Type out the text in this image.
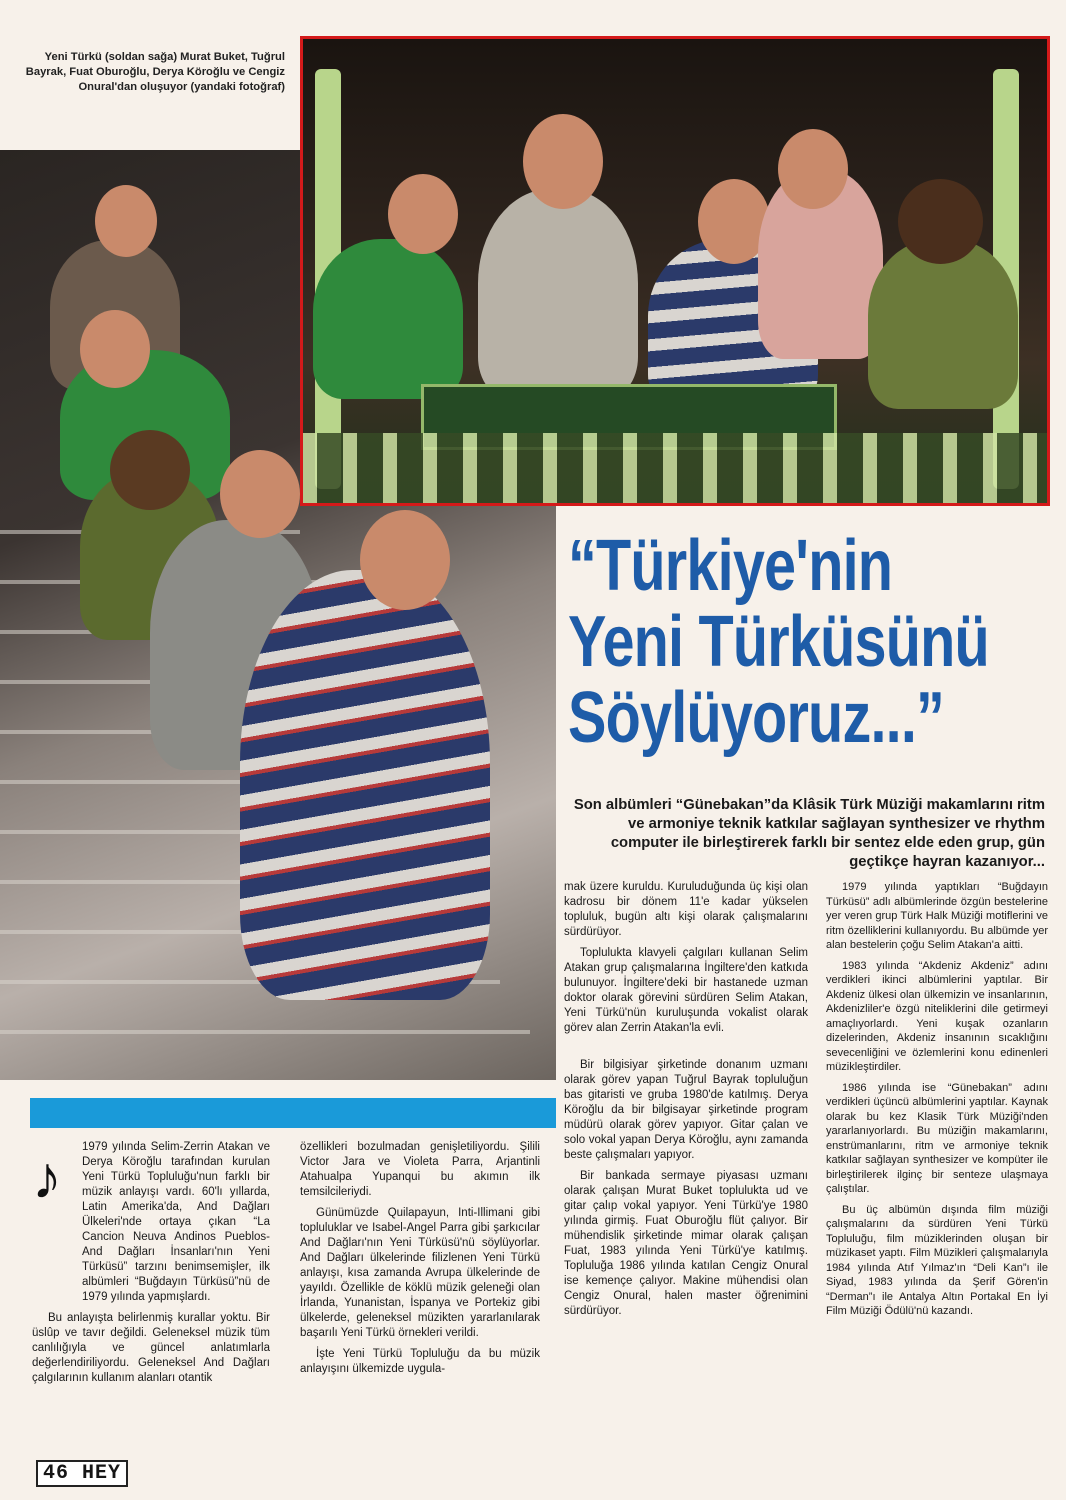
Yeni Türkü (soldan sağa) Murat Buket, Tuğrul Bayrak, Fuat Oburoğlu, Derya Köroğlu ve Cengiz Onural'dan oluşuyor (yandaki fotoğraf)
“Türkiye'nin
Yeni Türküsünü
Söylüyoruz...”
Son albümleri “Günebakan”da Klâsik Türk Müziği makamlarını ritm ve armoniye teknik katkılar sağlayan synthesizer ve rhythm computer ile birleştirerek farklı bir sentez elde eden grup, gün geçtikçe hayran kazanıyor...
♪	1979 yılında Selim-Zerrin Atakan ve Derya Köroğlu tarafından kurulan Yeni Türkü Topluluğu'nun farklı bir müzik anlayışı vardı. 60'lı yıllarda, Latin Amerika'da, And Dağları Ülkeleri'nde ortaya çıkan “La Cancion Neuva Andinos Pueblos-And Dağları İnsanları'nın Yeni Türküsü” tarzını benimsemişler, ilk albümleri “Buğdayın Türküsü”nü de 1979 yılında yapmışlardı.

Bu anlayışta belirlenmiş kurallar yoktu. Bir üslûp ve tavır değildi. Geleneksel müzik tüm canlılığıyla ve güncel anlatımlarla değerlendiriliyordu. Geleneksel And Dağları çalgılarının kullanım alanları otantik

özellikleri bozulmadan genişletiliyordu. Şilili Victor Jara ve Violeta Parra, Arjantinli Atahualpa Yupanqui bu akımın ilk temsilcileriydi.

Günümüzde Quilapayun, Inti-Illimani gibi topluluklar ve Isabel-Angel Parra gibi şarkıcılar And Dağları'nın Yeni Türküsü'nü söylüyorlar. And Dağları ülkelerinde filizlenen Yeni Türkü anlayışı, kısa zamanda Avrupa ülkelerinde de yayıldı. Özellikle de köklü müzik geleneği olan İrlanda, Yunanistan, İspanya ve Portekiz gibi ülkelerde, geleneksel müzikten yararlanılarak başarılı Yeni Türkü örnekleri verildi.

İşte Yeni Türkü Topluluğu da bu müzik anlayışını ülkemizde uygula-

mak üzere kuruldu. Kuruluduğunda üç kişi olan kadrosu bir dönem 11'e kadar yükselen topluluk, bugün altı kişi olarak çalışmalarını sürdürüyor.

Toplulukta klavyeli çalgıları kullanan Selim Atakan grup çalışmalarına İngiltere'den katkıda bulunuyor. İngiltere'deki bir hastanede uzman doktor olarak görevini sürdüren Selim Atakan, Yeni Türkü'nün kuruluşunda vokalist olarak görev alan Zerrin Atakan'la evli.

Bir bilgisiyar şirketinde donanım uzmanı olarak görev yapan Tuğrul Bayrak topluluğun bas gitaristi ve gruba 1980'de katılmış. Derya Köroğlu da bir bilgisayar şirketinde program müdürü olarak görev yapıyor. Gitar çalan ve solo vokal yapan Derya Köroğlu, aynı zamanda beste çalışmaları yapıyor.

Bir bankada sermaye piyasası uzmanı olarak çalışan Murat Buket toplulukta ud ve gitar çalıp vokal yapıyor. Yeni Türkü'ye 1980 yılında girmiş. Fuat Oburoğlu flüt çalıyor. Bir mühendislik şirketinde mimar olarak çalışan Fuat, 1983 yılında Yeni Türkü'ye katılmış. Topluluğa 1986 yılında katılan Cengiz Onural ise kemençe çalıyor. Makine mühendisi olan Cengiz Onural, halen master öğrenimini sürdürüyor.

1979 yılında yaptıkları “Buğdayın Türküsü” adlı albümlerinde özgün bestelerine yer veren grup Türk Halk Müziği motiflerini ve ritm özelliklerini kullanıyordu. Bu albümde yer alan bestelerin çoğu Selim Atakan'a aitti.

1983 yılında “Akdeniz Akdeniz” adını verdikleri ikinci albümlerini yaptılar. Bir Akdeniz ülkesi olan ülkemizin ve insanlarının, Akdenizliler'e özgü niteliklerini dile getirmeyi amaçlıyorlardı. Yeni kuşak ozanların dizelerinden, Akdeniz insanının sıcaklığını sevecenliğini ve özlemlerini konu edinenleri müzikleştirdiler.

1986 yılında ise “Günebakan” adını verdikleri üçüncü albümlerini yaptılar. Kaynak olarak bu kez Klasik Türk Müziği'nden yararlanıyorlardı. Bu müziğin makamlarını, enstrümanlarını, ritm ve armoniye teknik katkılar sağlayan synthesizer ve kompüter ile birleştirilerek ilginç bir senteze ulaşmaya çalıştılar.

Bu üç albümün dışında film müziği çalışmalarını da sürdüren Yeni Türkü Topluluğu, film müziklerinden oluşan bir müzikaset yaptı. Film Müzikleri çalışmalarıyla 1984 yılında Atıf Yılmaz'ın “Deli Kan”ı ile Siyad, 1983 yılında da Şerif Gören'in “Derman”ı ile Antalya Altın Portakal En İyi Film Müziği Ödülü'nü kazandı.

46 HEY
